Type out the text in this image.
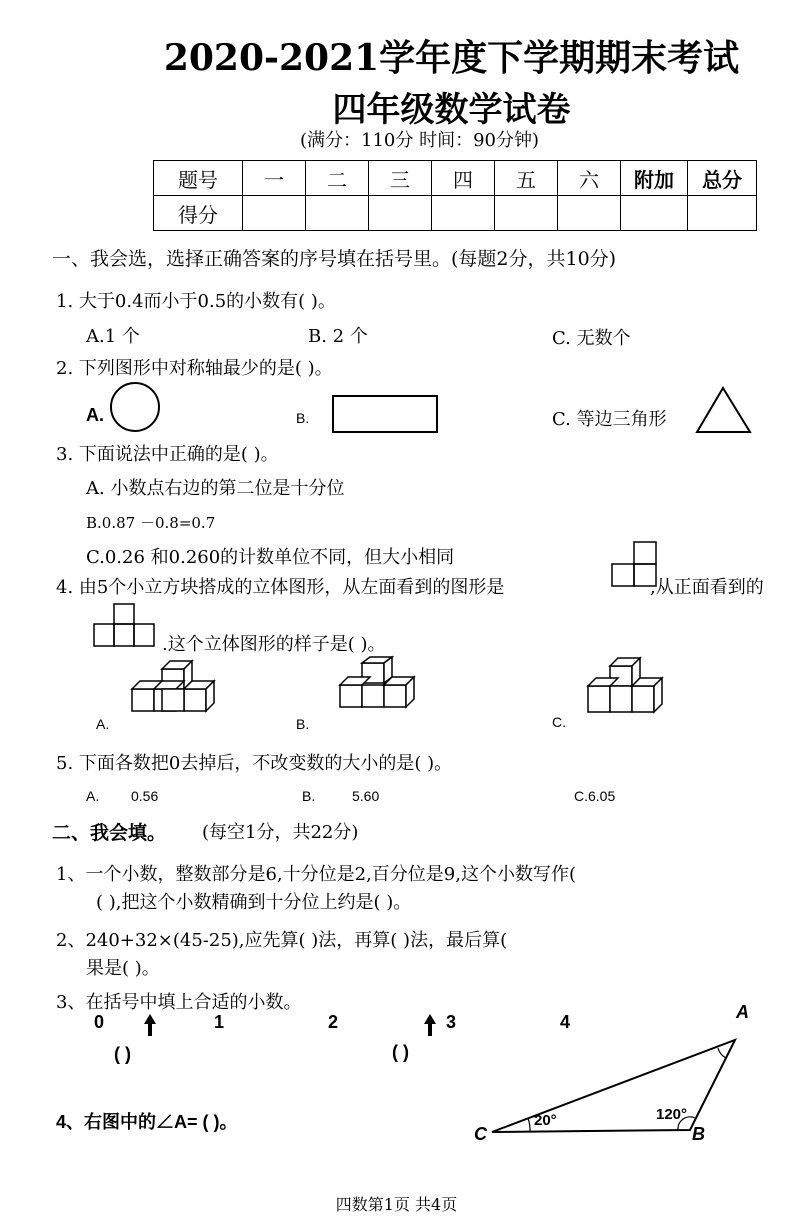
2020-2021学年度下学期期末考试
四年级数学试卷
(满分：110分 时间：90分钟)
题号	一	二	三	四	五	六	附加	总分
得分								
一、我会选，选择正确答案的序号填在括号里。(每题2分，共10分)
1. 大于0.4而小于0.5的小数有( )。
A.1 个	B. 2 个	C. 无数个
2. 下列图形中对称轴最少的是( )。
A.	B.	C. 等边三角形
3. 下面说法中正确的是( )。
A. 小数点右边的第二位是十分位
B.0.87 －0.8=0.7
C.0.26 和0.260的计数单位不同，但大小相同
4. 由5个小立方块搭成的立体图形，从左面看到的图形是	,从正面看到的
.这个立体图形的样子是( )。
A.	B.	C.
5. 下面各数把0去掉后，不改变数的大小的是( )。
A. 0.56	B.	5.60	C.6.05
二、我会填。 (每空1分，共22分)
1、一个小数，整数部分是6,十分位是2,百分位是9,这个小数写作(
( ),把这个小数精确到十分位上约是( )。
2、240+32×(45-25),应先算( )法，再算( )法，最后算(
果是( )。
3、在括号中填上合适的小数。
0	1	2	3	4
( )	( )
4、右图中的∠A= ( )。
A
B
C
20°	120°
四数第1页 共4页
